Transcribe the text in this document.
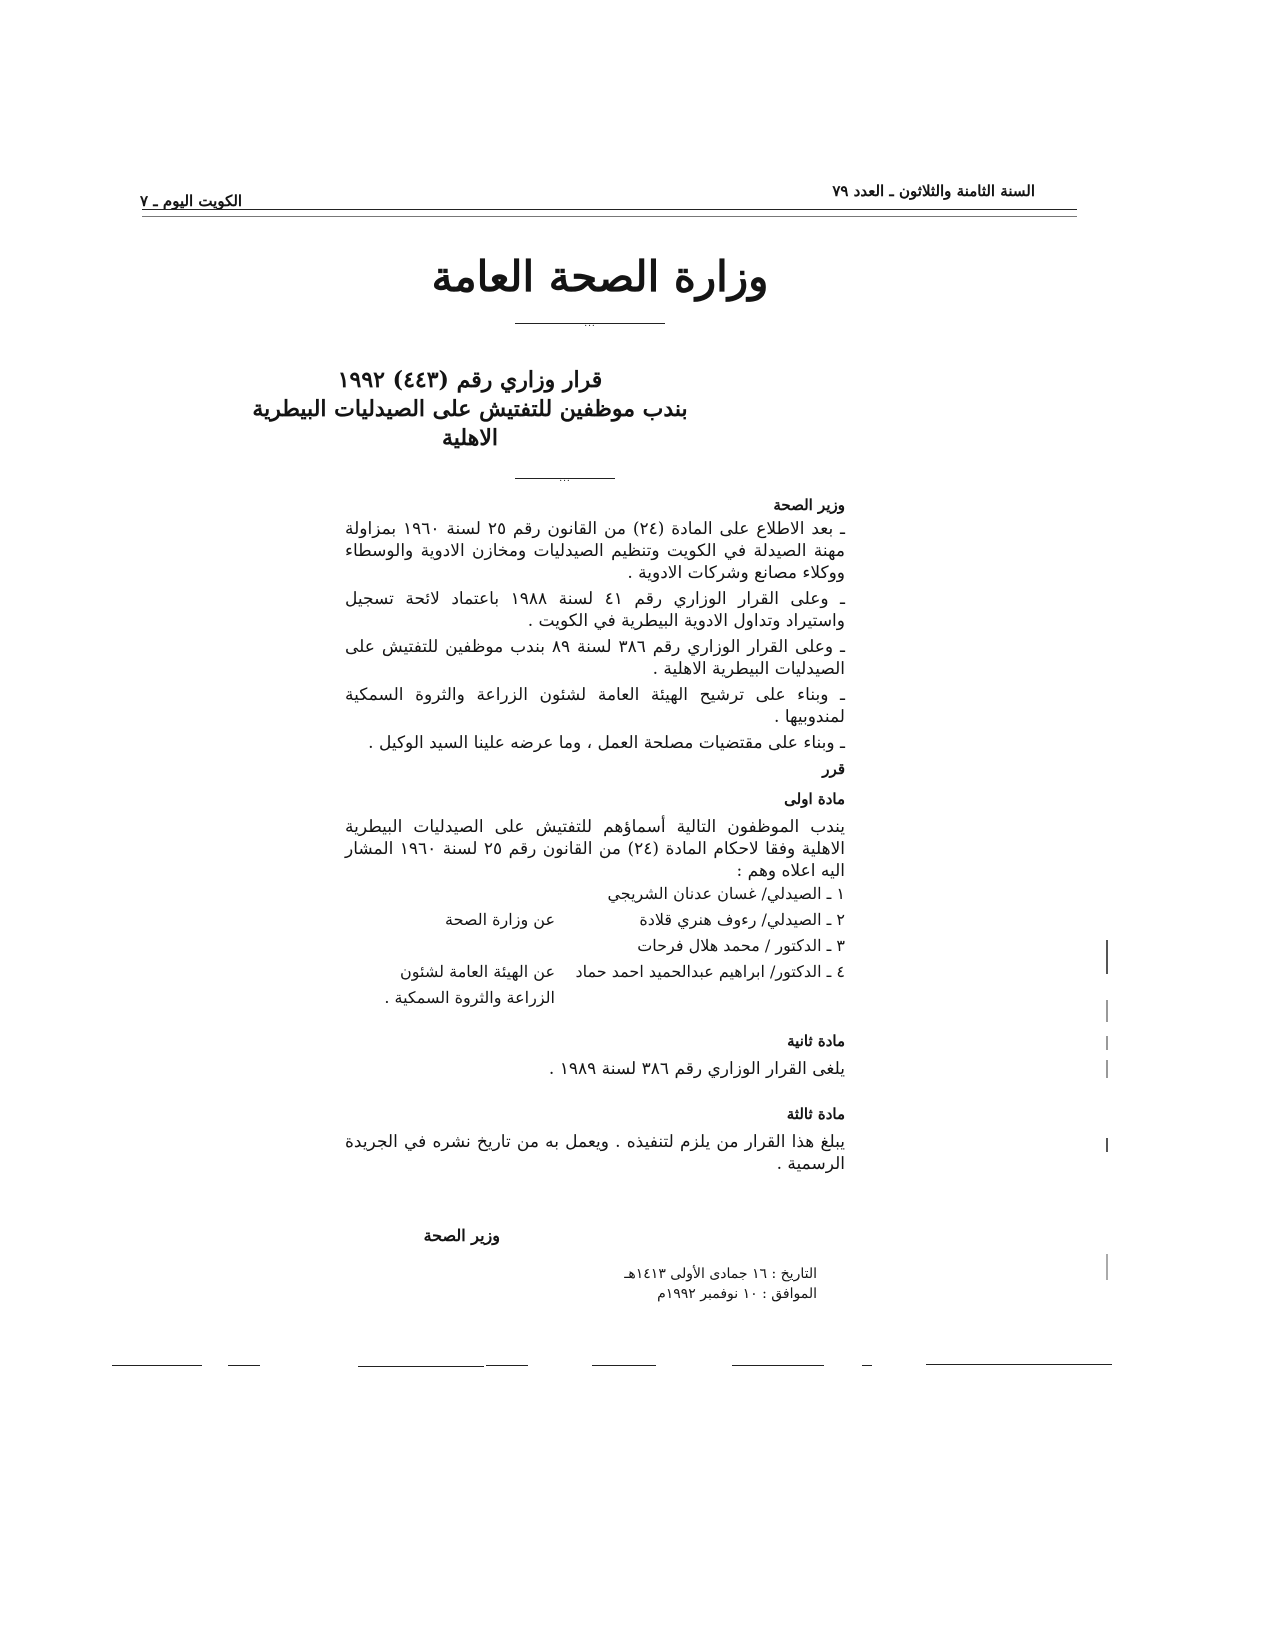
السنة الثامنة والثلاثون ـ العدد ٧٩
الكويت اليوم ـ ٧
وزارة الصحة العامة
...
قرار وزاري رقم (٤٤٣) ١٩٩٢
بندب موظفين للتفتيش على الصيدليات البيطرية
الاهلية
...

وزير الصحة

ـ بعد الاطلاع على المادة (٢٤) من القانون رقم ٢٥ لسنة ١٩٦٠ بمزاولة مهنة الصيدلة في الكويت وتنظيم الصيدليات ومخازن الادوية والوسطاء ووكلاء مصانع وشركات الادوية .

ـ وعلى القرار الوزاري رقم ٤١ لسنة ١٩٨٨ باعتماد لائحة تسجيل واستيراد وتداول الادوية البيطرية في الكويت .

ـ وعلى القرار الوزاري رقم ٣٨٦ لسنة ٨٩ بندب موظفين للتفتيش على الصيدليات البيطرية الاهلية .

ـ وبناء على ترشيح الهيئة العامة لشئون الزراعة والثروة السمكية لمندوبيها .

ـ وبناء على مقتضيات مصلحة العمل ، وما عرضه علينا السيد الوكيل .

قرر

مادة اولى

يندب الموظفون التالية أسماؤهم للتفتيش على الصيدليات البيطرية الاهلية وفقا لاحكام المادة (٢٤) من القانون رقم ٢٥ لسنة ١٩٦٠ المشار اليه اعلاه وهم :

١ ـ الصيدلي/ غسان عدنان الشريجي
٢ ـ الصيدلي/ رءوف هنري قلادة
عن وزارة الصحة
٣ ـ الدكتور / محمد هلال فرحات
٤ ـ الدكتور/ ابراهيم عبدالحميد احمد حماد
عن الهيئة العامة لشئون
الزراعة والثروة السمكية .

مادة ثانية

يلغى القرار الوزاري رقم ٣٨٦ لسنة ١٩٨٩ .

مادة ثالثة

يبلغ هذا القرار من يلزم لتنفيذه . ويعمل به من تاريخ نشره في الجريدة الرسمية .

وزير الصحة
التاريخ : ١٦ جمادى الأولى ١٤١٣هـ
الموافق : ١٠ نوفمبر ١٩٩٢م
